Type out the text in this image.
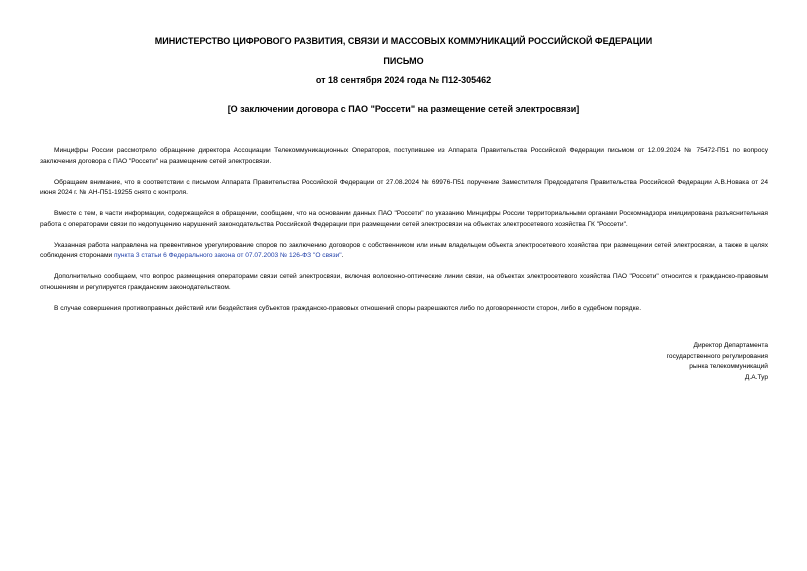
МИНИСТЕРСТВО ЦИФРОВОГО РАЗВИТИЯ, СВЯЗИ И МАССОВЫХ КОММУНИКАЦИЙ РОССИЙСКОЙ ФЕДЕРАЦИИ
ПИСЬМО
от 18 сентября 2024 года № П12-305462
[О заключении договора с ПАО "Россети" на размещение сетей электросвязи]

Минцифры России рассмотрело обращение директора Ассоциации Телекоммуникационных Операторов, поступившее из Аппарата Правительства Российской Федерации письмом от 12.09.2024 № 75472-П51 по вопросу заключения договора с ПАО "Россети" на размещение сетей электросвязи.

Обращаем внимание, что в соответствии с письмом Аппарата Правительства Российской Федерации от 27.08.2024 № 69976-П51 поручение Заместителя Председателя Правительства Российской Федерации А.В.Новака от 24 июня 2024 г. № АН-П51-19255 снято с контроля.

Вместе с тем, в части информации, содержащейся в обращении, сообщаем, что на основании данных ПАО "Россети" по указанию Минцифры России территориальными органами Роскомнадзора инициирована разъяснительная работа с операторами связи по недопущению нарушений законодательства Российской Федерации при размещении сетей электросвязи на объектах электросетевого хозяйства ГК "Россети".

Указанная работа направлена на превентивное урегулирование споров по заключению договоров с собственником или иным владельцем объекта электросетевого хозяйства при размещении сетей электросвязи, а также в целях соблюдения сторонами пункта 3 статьи 6 Федерального закона от 07.07.2003 № 126-ФЗ "О связи".

Дополнительно сообщаем, что вопрос размещения операторами связи сетей электросвязи, включая волоконно-оптические линии связи, на объектах электросетевого хозяйства ПАО "Россети" относится к гражданско-правовым отношениям и регулируется гражданским законодательством.

В случае совершения противоправных действий или бездействия субъектов гражданско-правовых отношений споры разрешаются либо по договоренности сторон, либо в судебном порядке.

Директор Департамента
государственного регулирования
рынка телекоммуникаций
Д.А.Тур
